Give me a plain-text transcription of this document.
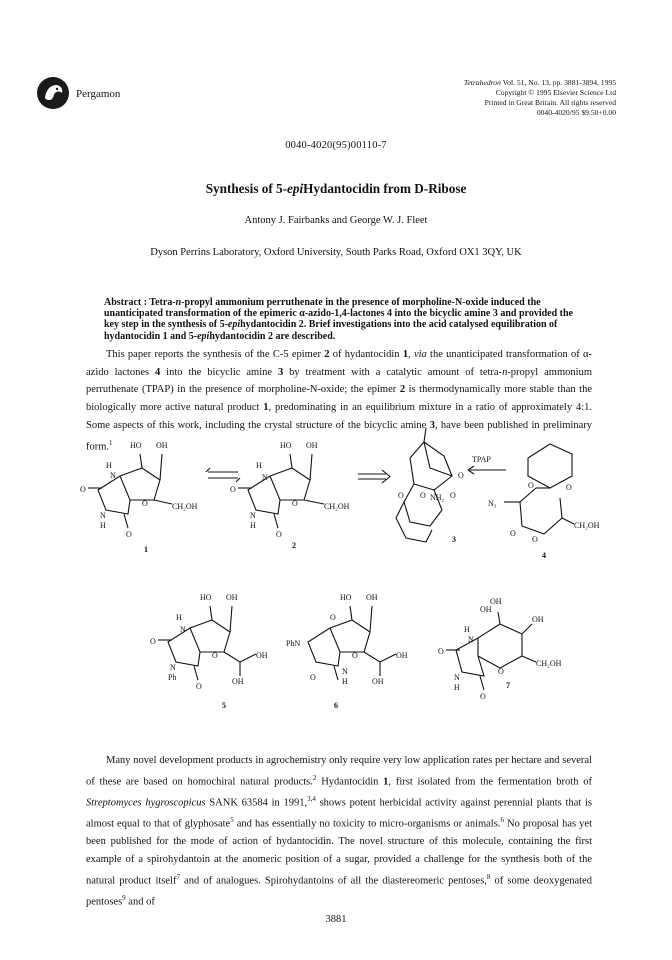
Pergamon
Tetrahedron Vol. 51, No. 13, pp. 3881-3894, 1995
Copyright © 1995 Elsevier Science Ltd
Printed in Great Britain. All rights reserved
0040-4020/95 $9.50+0.00
0040-4020(95)00110-7
Synthesis of 5-epiHydantocidin from D-Ribose
Antony J. Fairbanks and George W. J. Fleet
Dyson Perrins Laboratory, Oxford University, South Parks Road, Oxford OX1 3QY, UK
Abstract : Tetra-n-propyl ammonium perruthenate in the presence of morpholine-N-oxide induced the unanticipated transformation of the epimeric α-azido-1,4-lactones 4 into the bicyclic amine 3 and provided the key step in the synthesis of 5-epihydantocidin 2. Brief investigations into the acid catalysed equilibration of hydantocidin 1 and 5-epihydantocidin 2 are described.
This paper reports the synthesis of the C-5 epimer 2 of hydantocidin 1, via the unanticipated transformation of α-azido lactones 4 into the bicyclic amine 3 by treatment with a catalytic amount of tetra-n-propyl ammonium perruthenate (TPAP) in the presence of morpholine-N-oxide; the epimer 2 is thermodynamically more stable than the biologically more active natural product 1, predominating in an equilibrium mixture in a ratio of approximately 4:1. Some aspects of this work, including the crystal structure of the bicyclic amine 3, have been published in preliminary form.$^1$	HO OH
H
N
O
N
H
O
O	CH₂OH
1
HO OH
H
N
O
N
H
O
O	CH₂OH
2
O
O O NH₂ O
3
TPAP
N₃
O
O
O
O
CH₂OH
4
HO OH
H
N
O
N
Ph
O
O	OH
OH
5
HO OH
O
PhN
N
H
O
O	OH
OH
6
OH
OH
OH
H
N
O
N
H
O
O
CH₂OH
7
Many novel development products in agrochemistry only require very low application rates per hectare and several of these are based on homochiral natural products.$^2$ Hydantocidin 1, first isolated from the fermentation broth of Streptomyces hygroscopicus SANK 63584 in 1991,$^{3,4}$ shows potent herbicidal activity against perennial plants that is almost equal to that of glyphosate$^5$ and has essentially no toxicity to micro-organisms or animals.$^6$ No proposal has yet been published for the mode of action of hydantocidin. The novel structure of this molecule, containing the first example of a spirohydantoin at the anomeric position of a sugar, provided a challenge for the synthesis both of the natural product itself$^7$ and of analogues. Spirohydantoins of all the diastereomeric pentoses,$^8$ of some deoxygenated pentoses$^9$ and of
3881
